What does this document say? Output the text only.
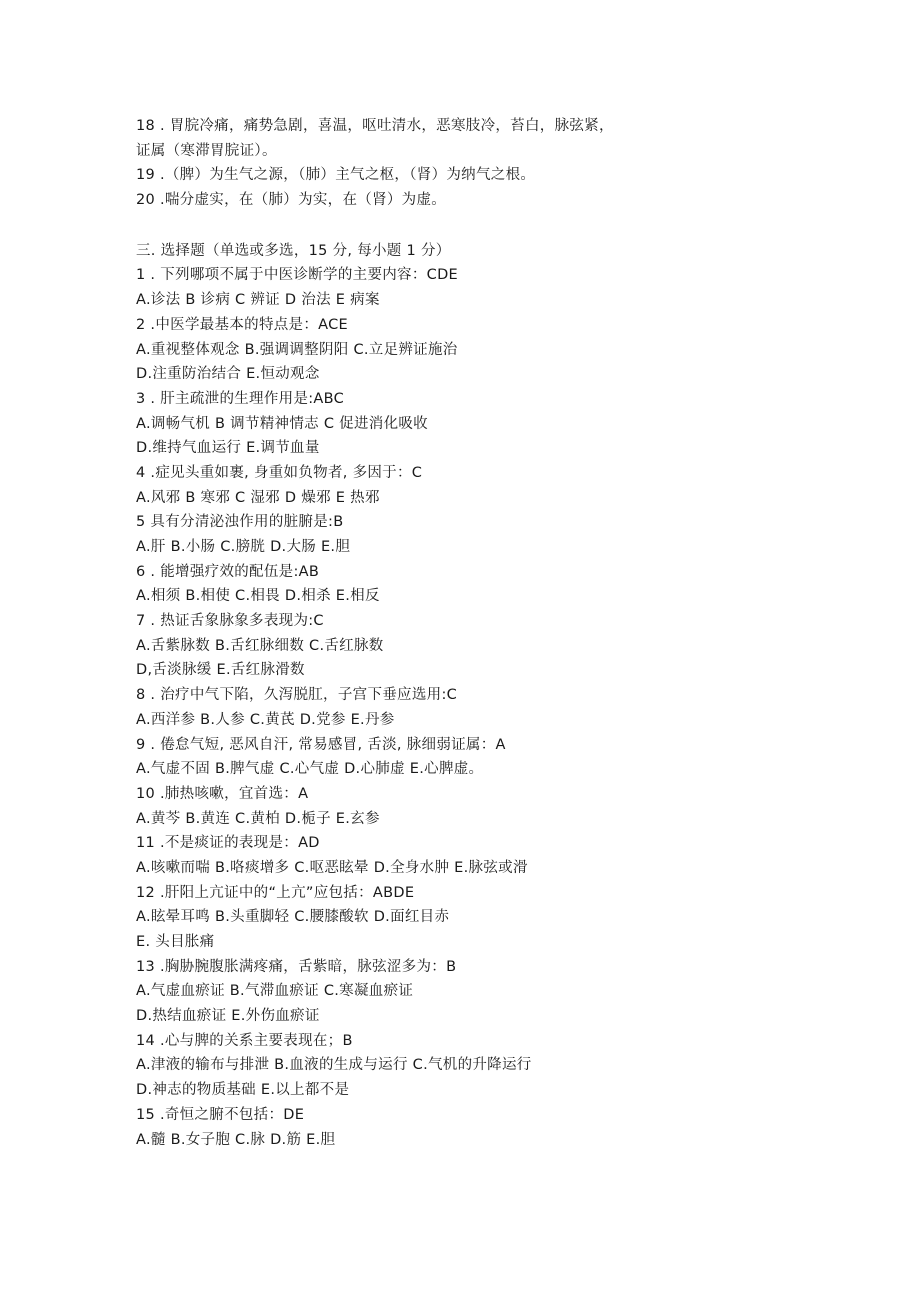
18 . 胃脘冷痛，痛势急剧，喜温，呕吐清水，恶寒肢冷，苔白，脉弦紧，
证属（寒滞胃脘证）。
19 .（脾）为生气之源，（肺）主气之枢，（肾）为纳气之根。
20 .喘分虚实，在（肺）为实，在（肾）为虚。
三. 选择题（单选或多选，15 分, 每小题 1 分）
1 . 下列哪项不属于中医诊断学的主要内容：CDE
A.诊法 B 诊病 C 辨证 D 治法 E 病案
2 .中医学最基本的特点是：ACE
A.重视整体观念 B.强调调整阴阳 C.立足辨证施治
D.注重防治结合 E.恒动观念
3 . 肝主疏泄的生理作用是:ABC
A.调畅气机 B 调节精神情志 C 促进消化吸收
D.维持气血运行 E.调节血量
4 .症见头重如裹, 身重如负物者, 多因于：C
A.风邪 B 寒邪 C 湿邪 D 燥邪 E 热邪
5 具有分清泌浊作用的脏腑是:B
A.肝 B.小肠 C.膀胱 D.大肠 E.胆
6 . 能增强疗效的配伍是:AB
A.相须 B.相使 C.相畏 D.相杀 E.相反
7 . 热证舌象脉象多表现为:C
A.舌紫脉数 B.舌红脉细数 C.舌红脉数
D,舌淡脉缓 E.舌红脉滑数
8 . 治疗中气下陷，久泻脱肛，子宫下垂应选用:C
A.西洋参 B.人参 C.黄芪 D.党参 E.丹参
9 . 倦怠气短, 恶风自汗, 常易感冒, 舌淡, 脉细弱证属：A
A.气虚不固 B.脾气虚 C.心气虚 D.心肺虚 E.心脾虚。
10 .肺热咳嗽，宜首选：A
A.黄芩 B.黄连 C.黄柏 D.栀子 E.玄参
11 .不是痰证的表现是：AD
A.咳嗽而喘 B.咯痰增多 C.呕恶眩晕 D.全身水肿 E.脉弦或滑
12 .肝阳上亢证中的“上亢”应包括：ABDE
A.眩晕耳鸣 B.头重脚轻 C.腰膝酸软 D.面红目赤
E. 头目胀痛
13 .胸胁腕腹胀满疼痛，舌紫暗，脉弦涩多为：B
A.气虚血瘀证 B.气滞血瘀证 C.寒凝血瘀证
D.热结血瘀证 E.外伤血瘀证
14 .心与脾的关系主要表现在；B
A.津液的输布与排泄 B.血液的生成与运行 C.气机的升降运行
D.神志的物质基础 E.以上都不是
15 .奇恒之腑不包括：DE
A.髓 B.女子胞 C.脉 D.筋 E.胆
